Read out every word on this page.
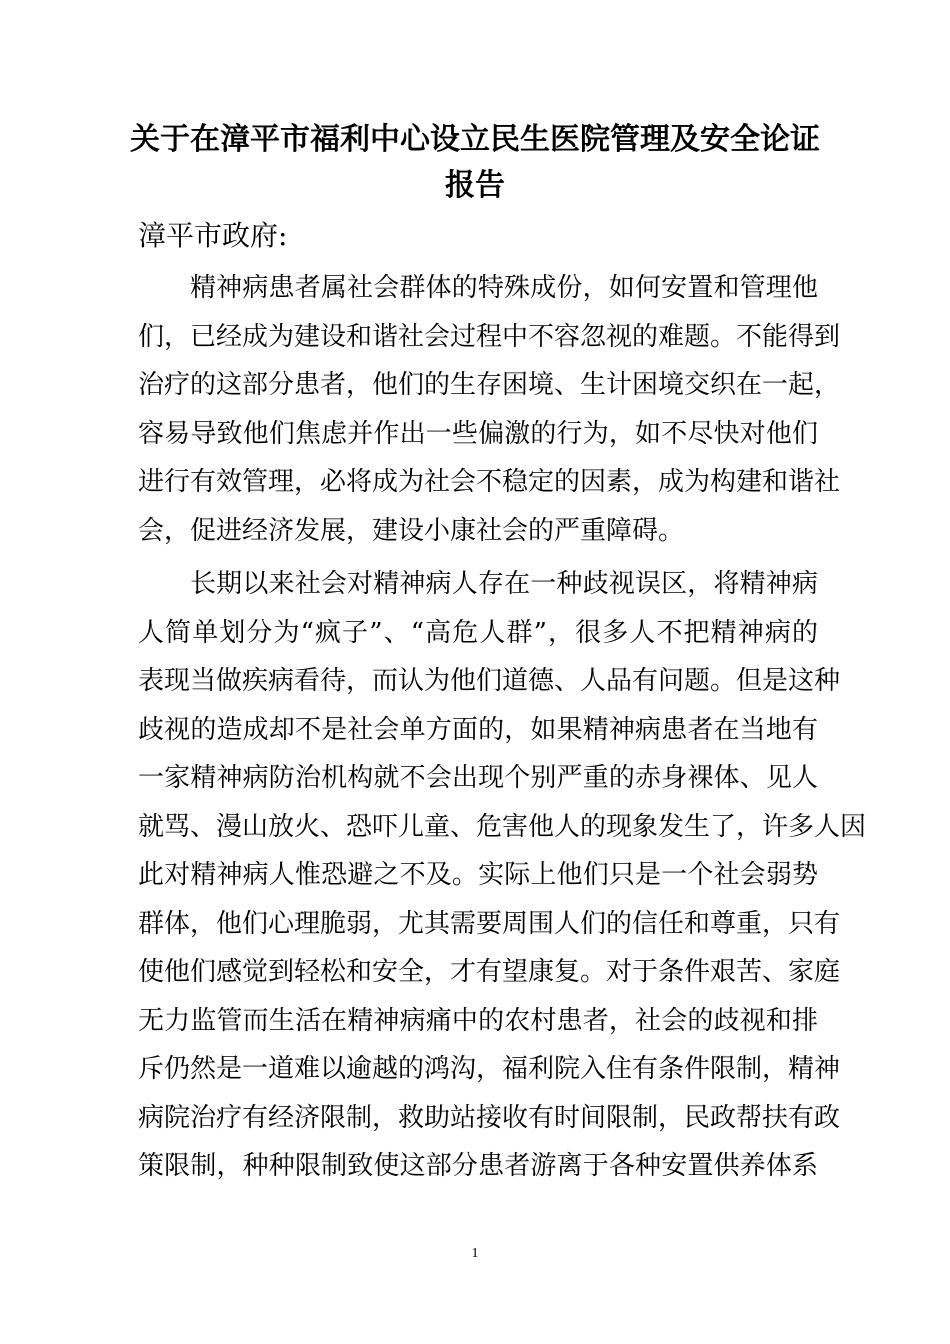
关于在漳平市福利中心设立民生医院管理及安全论证
报告
漳平市政府:
精神病患者属社会群体的特殊成份，如何安置和管理他
们，已经成为建设和谐社会过程中不容忽视的难题。不能得到
治疗的这部分患者，他们的生存困境、生计困境交织在一起，
容易导致他们焦虑并作出一些偏激的行为，如不尽快对他们
进行有效管理，必将成为社会不稳定的因素，成为构建和谐社
会，促进经济发展，建设小康社会的严重障碍。
长期以来社会对精神病人存在一种歧视误区，将精神病
人简单划分为“疯子”、“高危人群”，很多人不把精神病的
表现当做疾病看待，而认为他们道德、人品有问题。但是这种
歧视的造成却不是社会单方面的，如果精神病患者在当地有
一家精神病防治机构就不会出现个别严重的赤身裸体、见人
就骂、漫山放火、恐吓儿童、危害他人的现象发生了，许多人因
此对精神病人惟恐避之不及。实际上他们只是一个社会弱势
群体，他们心理脆弱，尤其需要周围人们的信任和尊重，只有
使他们感觉到轻松和安全，才有望康复。对于条件艰苦、家庭
无力监管而生活在精神病痛中的农村患者，社会的歧视和排
斥仍然是一道难以逾越的鸿沟，福利院入住有条件限制，精神
病院治疗有经济限制，救助站接收有时间限制，民政帮扶有政
策限制，种种限制致使这部分患者游离于各种安置供养体系
1
